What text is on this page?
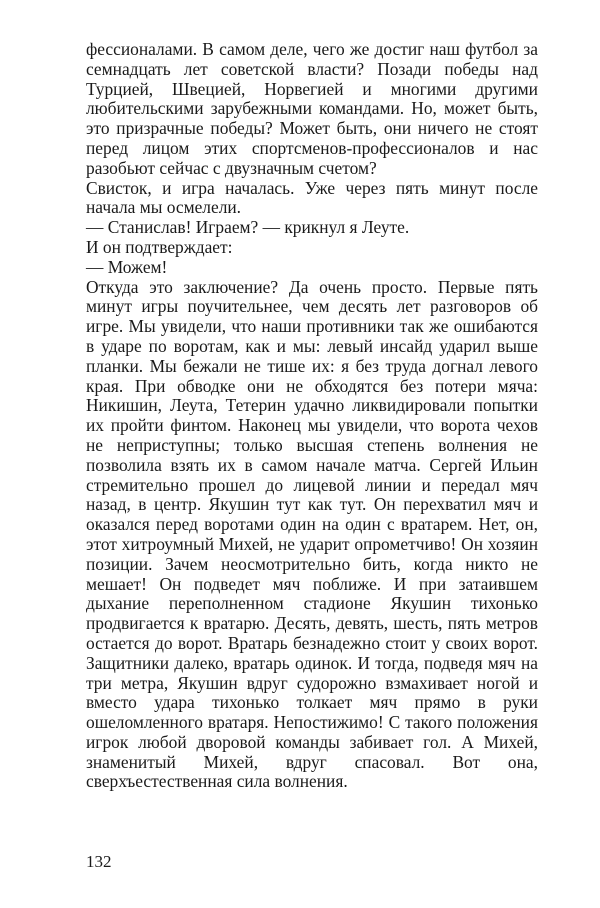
фессионалами. В самом деле, чего же достиг наш футбол за семнадцать лет советской власти? Позади победы над Турцией, Швецией, Норвегией и многими другими любительскими зарубежными командами. Но, может быть, это призрачные победы? Может быть, они ничего не стоят перед лицом этих спортсменов-профессионалов и нас разобьют сейчас с двузначным счетом?

Свисток, и игра началась. Уже через пять минут после начала мы осмелели.

— Станислав! Играем? — крикнул я Леуте.

И он подтверждает:

— Можем!

Откуда это заключение? Да очень просто. Первые пять минут игры поучительнее, чем десять лет разговоров об игре. Мы увидели, что наши противники так же ошибаются в ударе по воротам, как и мы: левый инсайд ударил выше планки. Мы бежали не тише их: я без труда догнал левого края. При обводке они не обходятся без потери мяча: Никишин, Леута, Тетерин удачно ликвидировали попытки их пройти финтом. Наконец мы увидели, что ворота чехов не неприступны; только высшая степень волнения не позволила взять их в самом начале матча. Сергей Ильин стремительно прошел до лицевой линии и передал мяч назад, в центр. Якушин тут как тут. Он перехватил мяч и оказался перед воротами один на один с вратарем. Нет, он, этот хитроумный Михей, не ударит опрометчиво! Он хозяин позиции. Зачем неосмотрительно бить, когда никто не мешает! Он подведет мяч поближе. И при затаившем дыхание переполненном стадионе Якушин тихонько продвигается к вратарю. Десять, девять, шесть, пять метров остается до ворот. Вратарь безнадежно стоит у своих ворот. Защитники далеко, вратарь одинок. И тогда, подведя мяч на три метра, Якушин вдруг судорожно взмахивает ногой и вместо удара тихонько толкает мяч прямо в руки ошеломленного вратаря. Непостижимо! С такого положения игрок любой дворовой команды забивает гол. А Михей, знаменитый Михей, вдруг спасовал. Вот она, сверхъестественная сила волнения.

132
